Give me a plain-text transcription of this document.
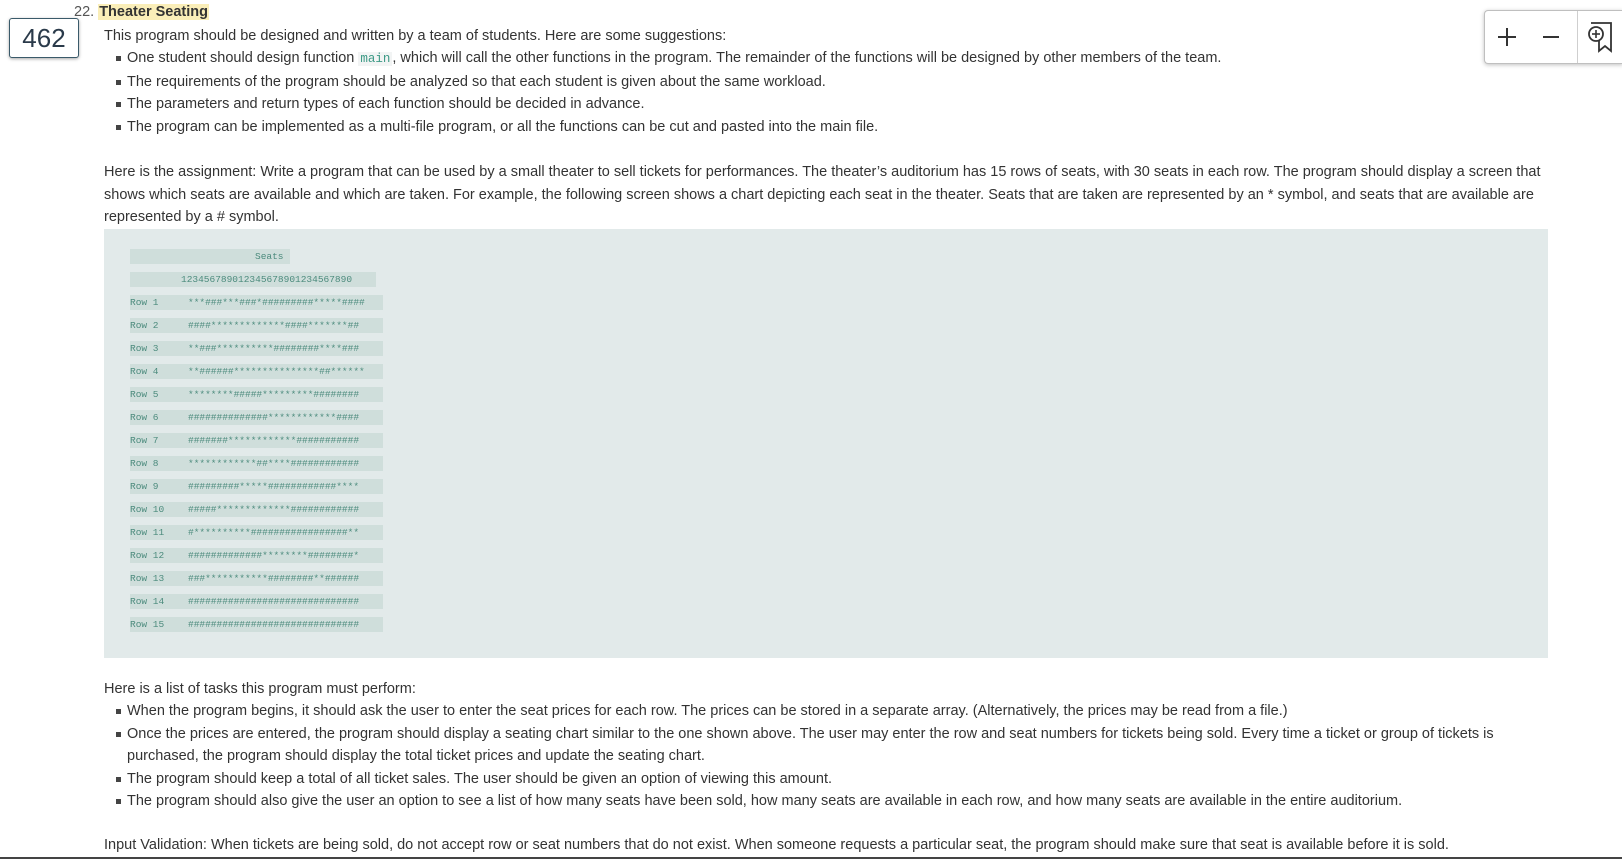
462
22. Theater Seating

This program should be designed and written by a team of students. Here are some suggestions:

One student should design function main , which will call the other functions in the program. The remainder of the functions will be designed by other members of the team.
The requirements of the program should be analyzed so that each student is given about the same workload.
The parameters and return types of each function should be decided in advance.
The program can be implemented as a multi-file program, or all the functions can be cut and pasted into the main file.

Here is the assignment: Write a program that can be used by a small theater to sell tickets for performances. The theater’s auditorium has 15 rows of seats, with 30 seats in each row. The program should display a screen that shows which seats are available and which are taken. For example, the following screen shows a chart depicting each seat in the theater. Seats that are taken are represented by an * symbol, and seats that are available are represented by a # symbol.

Here is a list of tasks this program must perform:

When the program begins, it should ask the user to enter the seat prices for each row. The prices can be stored in a separate array. (Alternatively, the prices may be read from a file.)
Once the prices are entered, the program should display a seating chart similar to the one shown above. The user may enter the row and seat numbers for tickets being sold. Every time a ticket or group of tickets is purchased, the program should display the total ticket prices and update the seating chart.
The program should keep a total of all ticket sales. The user should be given an option of viewing this amount.
The program should also give the user an option to see a list of how many seats have been sold, how many seats are available in each row, and how many seats are available in the entire auditorium.

Input Validation: When tickets are being sold, do not accept row or seat numbers that do not exist. When someone requests a particular seat, the program should make sure that seat is available before it is sold.

Seats
123456789012345678901234567890
Row 1	***###***###*#########*****####
Row 2	####*************####*******##
Row 3	**###**********########****###
Row 4	**######***************##******
Row 5	********#####*********########
Row 6	##############************####
Row 7	#######************###########
Row 8	************##****############
Row 9	#########*****############****
Row 10	#####*************############
Row 11	#**********#################**
Row 12	#############********########*
Row 13	###***********########**######
Row 14	##############################
Row 15	##############################
